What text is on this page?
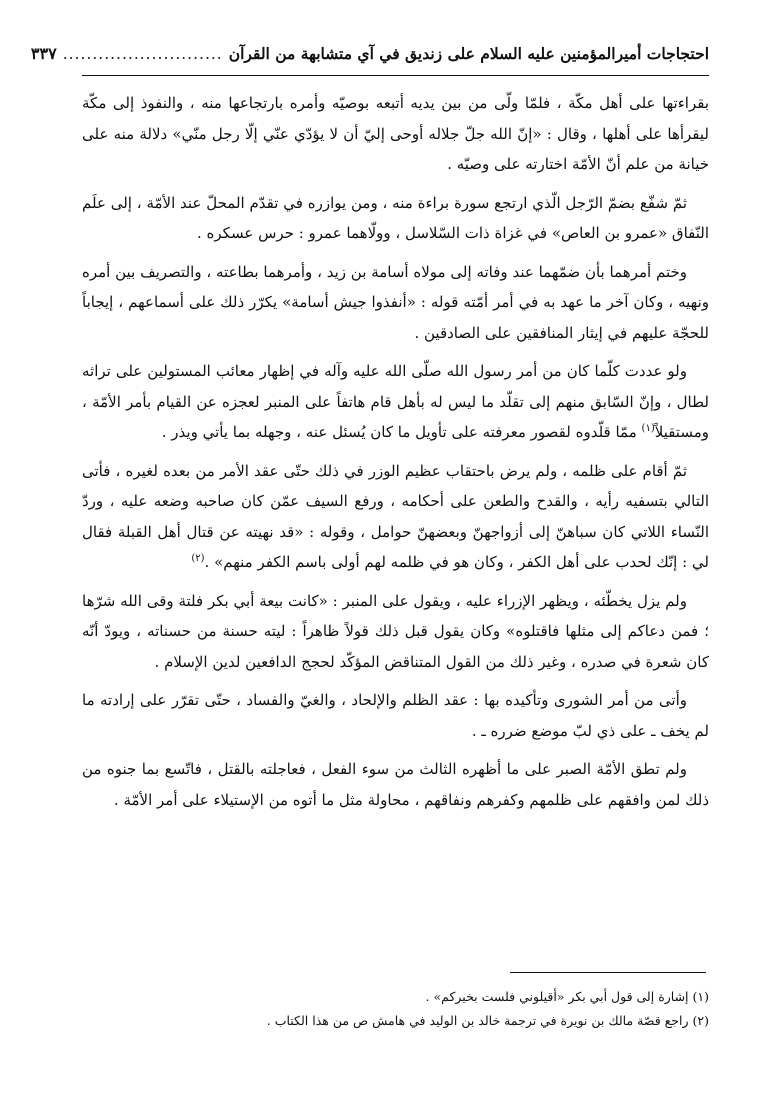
احتجاجات أميرالمؤمنين عليه السلام على زنديق في آي متشابهة من القرآن
...........................
٣٣٧

بقراءتها على أهل مكّة ، فلمّا ولّى من بين يديه أتبعه بوصيّه وأمره بارتجاعها منه ، والنفوذ إلى مكّة ليقرأها على أهلها ، وقال : «إنّ الله جلّ جلاله أوحى إليّ أن لا يؤدّي عنّي إلّا رجل منّي» دلالة منه على خيانة من علم أنّ الأمّة اختارته على وصيّه .

ثمّ شفّع بضمّ الرّجل الّذي ارتجع سورة براءة منه ، ومن يوازره في تقدّم المحلّ عند الأمّة ، إلى علَم النّفاق «عمرو بن العاص» في غزاة ذات السّلاسل ، وولّاهما عمرو : حرس عسكره .

وختم أمرهما بأن ضمّهما عند وفاته إلى مولاه أسامة بن زيد ، وأمرهما بطاعته ، والتصريف بين أمره ونهيه ، وكان آخر ما عهد به في أمر أمّته قوله : «أنفذوا جيش أسامة» يكرّر ذلك على أسماعهم ، إيجاباً للحجّة عليهم في إيثار المنافقين على الصادقين .

ولو عددت كلّما كان من أمر رسول الله صلّى الله عليه وآله في إظهار معائب المستولين على تراثه لطال ، وإنّ السّابق منهم إلى تقلّد ما ليس له بأهل قام هاتفاً على المنبر لعجزه عن القيام بأمر الأمّة ، ومستقيلاً$^{(١)}$ ممّا قلّدوه لقصور معرفته على تأويل ما كان يُسئل عنه ، وجهله بما يأتي ويذر .

ثمّ أقام على ظلمه ، ولم يرض باحتقاب عظيم الوزر في ذلك حتّى عقد الأمر من بعده لغيره ، فأتى التالي بتسفيه رأيه ، والقدح والطعن على أحكامه ، ورفع السيف عمّن كان صاحبه وضعه عليه ، وردّ النّساء اللاتي كان سباهنّ إلى أزواجهنّ وبعضهنّ حوامل ، وقوله : «قد نهيته عن قتال أهل القبلة فقال لي : إنّك لحدب على أهل الكفر ، وكان هو في ظلمه لهم أولى باسم الكفر منهم» .$^{(٢)}$

ولم يزل يخطّئه ، ويظهر الإزراء عليه ، ويقول على المنبر : «كانت بيعة أبي بكر فلتة وقى الله شرّها ؛ فمن دعاكم إلى مثلها فاقتلوه» وكان يقول قبل ذلك قولاً ظاهراً : ليته حسنة من حسناته ، ويودّ أنّه كان شعرة في صدره ، وغير ذلك من القول المتناقض المؤكّد لحجج الدافعين لدين الإسلام .

وأتى من أمر الشورى وتأكيده بها : عقد الظلم والإلحاد ، والغيّ والفساد ، حتّى تقرّر على إرادته ما لم يخف ـ على ذي لبّ موضع ضرره ـ .

ولم تطق الأمّة الصبر على ما أظهره الثالث من سوء الفعل ، فعاجلته بالقتل ، فاتّسع بما جنوه من ذلك لمن وافقهم على ظلمهم وكفرهم ونفاقهم ، محاولة مثل ما أتوه من الإستيلاء على أمر الأمّة .

(١) إشارة إلى قول أبي بكر «أقيلوني فلست بخيركم» .

(٢) راجع قصّة مالك بن نويرة في ترجمة خالد بن الوليد في هامش ص من هذا الكتاب .
